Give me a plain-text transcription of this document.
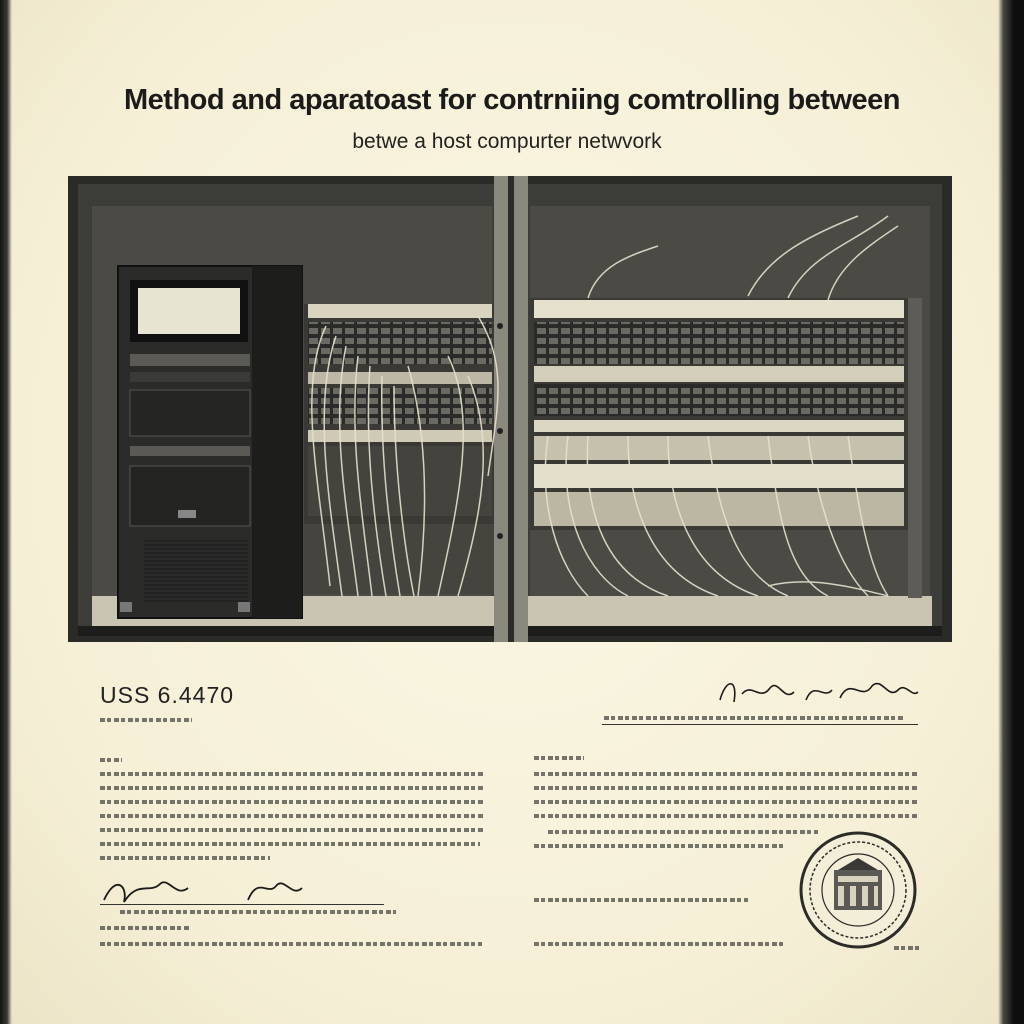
Method and aparatoast for contrniing comtrolling between
betwe a host compurter netwvork
USS 6.4470
